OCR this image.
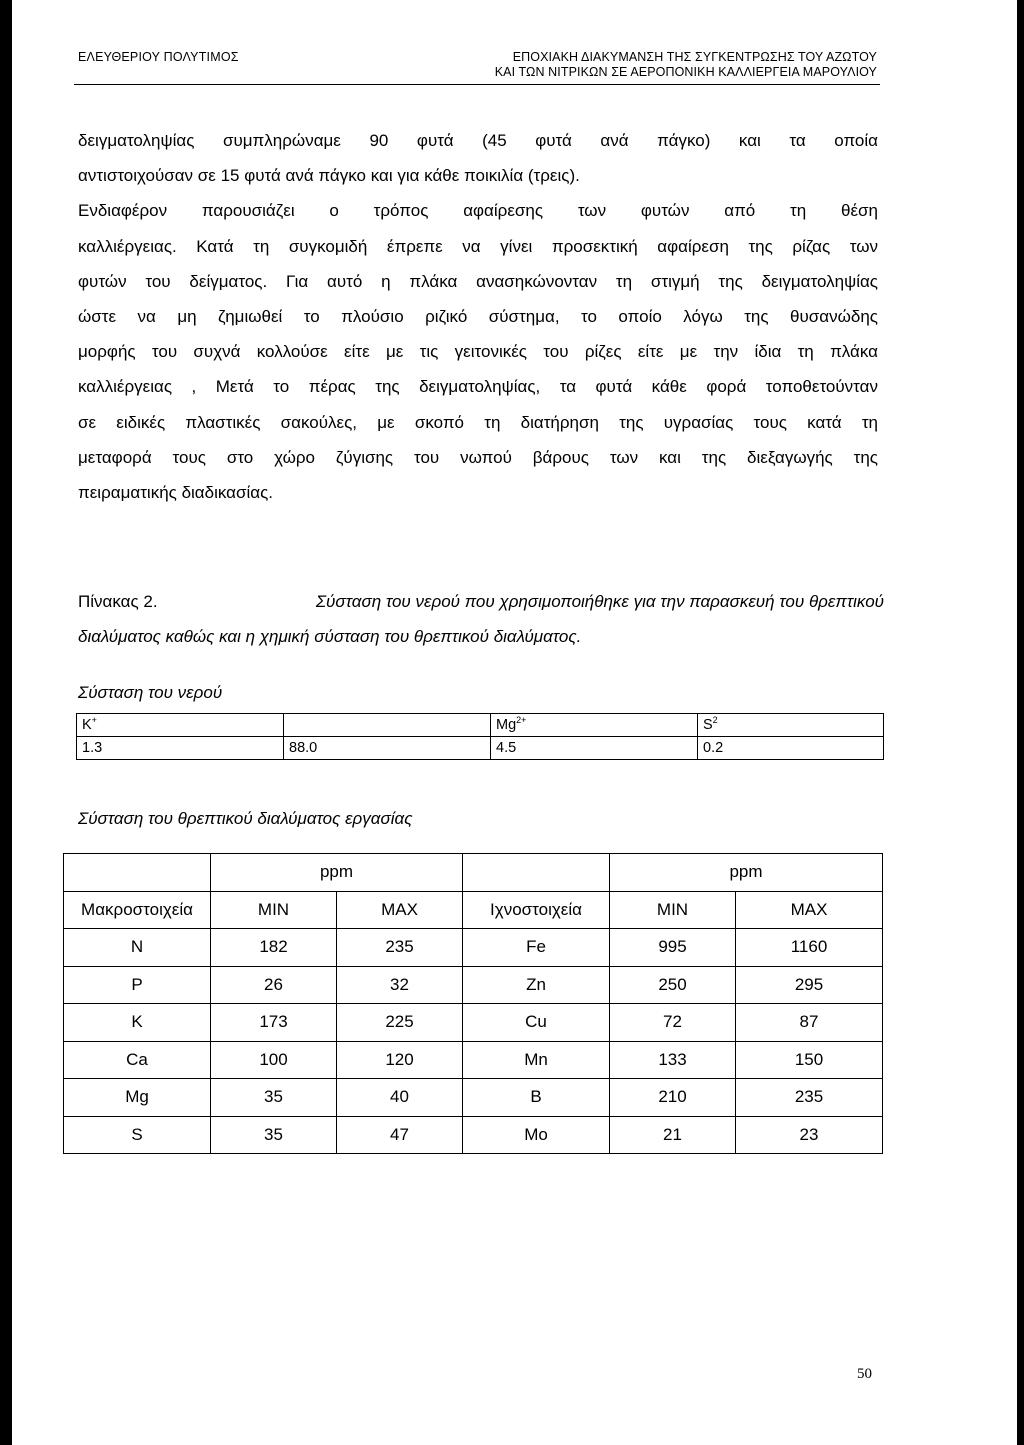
ΕΛΕΥΘΕΡΙΟΥ ΠΟΛΥΤΙΜΟΣ	ΕΠΟΧΙΑΚΗ ΔΙΑΚΥΜΑΝΣΗ ΤΗΣ ΣΥΓΚΕΝΤΡΩΣΗΣ ΤΟΥ ΑΖΩΤΟΥ
ΚΑΙ ΤΩΝ ΝΙΤΡΙΚΩΝ ΣΕ ΑΕΡΟΠΟΝΙΚΗ ΚΑΛΛΙΕΡΓΕΙΑ ΜΑΡΟΥΛΙΟΥ

δειγματοληψίας συμπληρώναμε 90 φυτά (45 φυτά ανά πάγκο) και τα οποία
αντιστοιχούσαν σε 15 φυτά ανά πάγκο και για κάθε ποικιλία (τρεις).
Ενδιαφέρον παρουσιάζει ο τρόπος αφαίρεσης των φυτών από τη θέση
καλλιέργειας. Κατά τη συγκομιδή έπρεπε να γίνει προσεκτική αφαίρεση της ρίζας των
φυτών του δείγματος. Για αυτό η πλάκα ανασηκώνονταν τη στιγμή της δειγματοληψίας
ώστε να μη ζημιωθεί το πλούσιο ριζικό σύστημα, το οποίο λόγω της θυσανώδης
μορφής του συχνά κολλούσε είτε με τις γειτονικές του ρίζες είτε με την ίδια τη πλάκα
καλλιέργειας , Μετά το πέρας της δειγματοληψίας, τα φυτά κάθε φορά τοποθετούνταν
σε ειδικές πλαστικές σακούλες, με σκοπό τη διατήρηση της υγρασίας τους κατά τη
μεταφορά τους στο χώρο ζύγισης του νωπού βάρους των και της διεξαγωγής της
πειραματικής διαδικασίας.

Πίνακας 2.	Σύσταση του νερού που χρησιμοποιήθηκε για την παρασκευή του θρεπτικού
διαλύματος καθώς και η χημική σύσταση του θρεπτικού διαλύματος.
Σύσταση του νερού
K+		$Mg^{2+}$	$S^2$
1.3	88.0	4.5	0.2
Σύσταση του θρεπτικού διαλύματος εργασίας
	ppm			ppm	
Μακροστοιχεία	MIN	MAX	Ιχνοστοιχεία	MIN	MAX
N	182	235	Fe	995	1160
P	26	32	Zn	250	295
K	173	225	Cu	72	87
Ca	100	120	Mn	133	150
Mg	35	40	B	210	235
S	35	47	Mo	21	23
50
